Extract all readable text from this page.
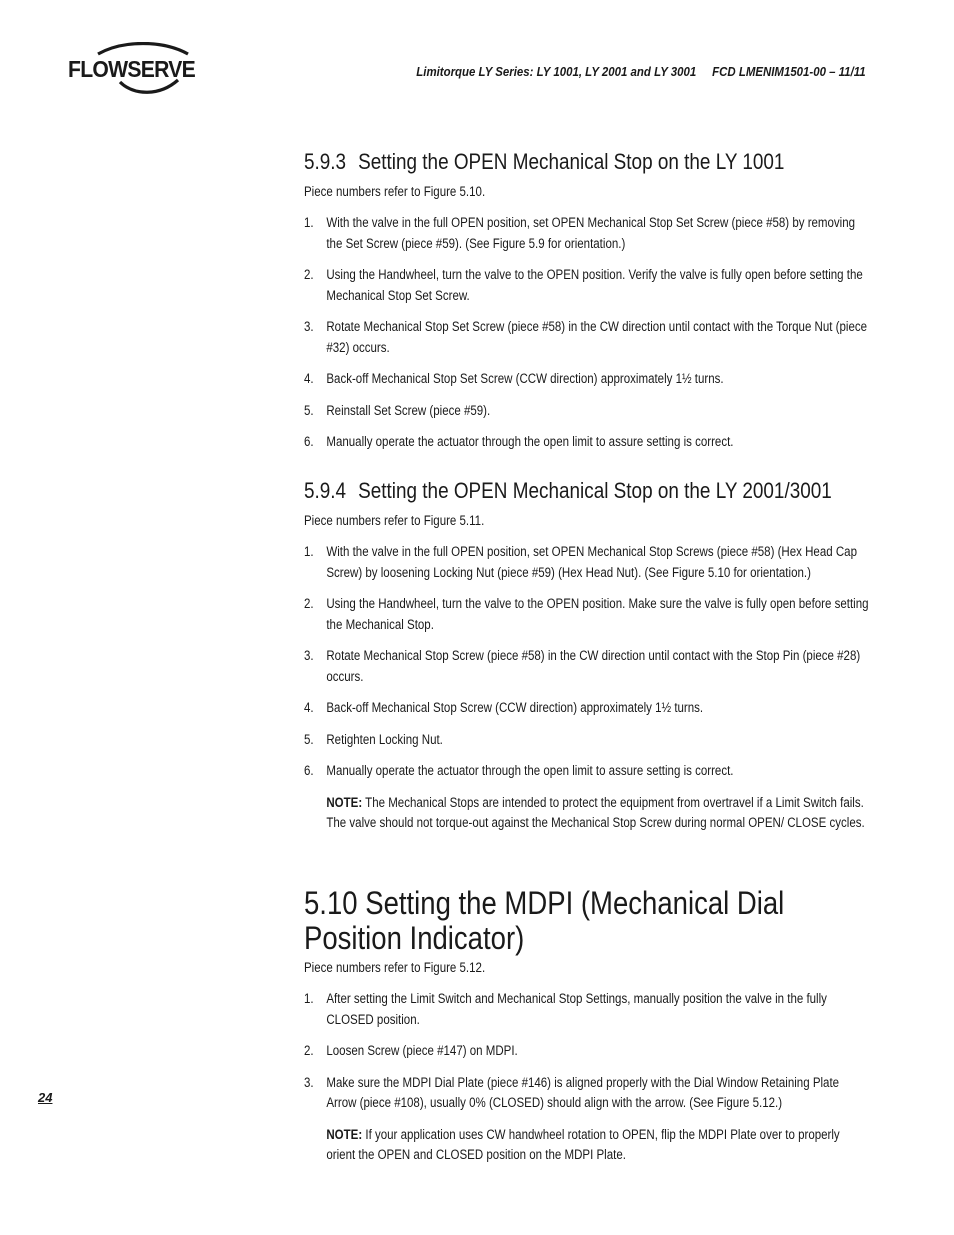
FLOWSERVE	Limitorque LY Series: LY 1001, LY 2001 and LY 3001     FCD LMENIM1501-00 – 11/11
24
5.9.3 Setting the OPEN Mechanical Stop on the LY 1001

Piece numbers refer to Figure 5.10.

1. With the valve in the full OPEN position, set OPEN Mechanical Stop Set Screw (piece #58) by removing the Set Screw (piece #59). (See Figure 5.9 for orientation.)
2. Using the Handwheel, turn the valve to the OPEN position. Verify the valve is fully open before setting the Mechanical Stop Set Screw.
3. Rotate Mechanical Stop Set Screw (piece #58) in the CW direction until contact with the Torque Nut (piece #32) occurs.
4. Back-off Mechanical Stop Set Screw (CCW direction) approximately 1½ turns.
5. Reinstall Set Screw (piece #59).
6. Manually operate the actuator through the open limit to assure setting is correct.
5.9.4 Setting the OPEN Mechanical Stop on the LY 2001/3001

Piece numbers refer to Figure 5.11.

1. With the valve in the full OPEN position, set OPEN Mechanical Stop Screws (piece #58) (Hex Head Cap Screw) by loosening Locking Nut (piece #59) (Hex Head Nut). (See Figure 5.10 for orientation.)
2. Using the Handwheel, turn the valve to the OPEN position. Make sure the valve is fully open before setting the Mechanical Stop.
3. Rotate Mechanical Stop Screw (piece #58) in the CW direction until contact with the Stop Pin (piece #28) occurs.
4. Back-off Mechanical Stop Screw (CCW direction) approximately 1½ turns.
5. Retighten Locking Nut.
6. Manually operate the actuator through the open limit to assure setting is correct.

NOTE: The Mechanical Stops are intended to protect the equipment from overtravel if a Limit Switch fails. The valve should not torque-out against the Mechanical Stop Screw during normal OPEN/ CLOSE cycles.

5.10 Setting the MDPI (Mechanical Dial Position Indicator)

Piece numbers refer to Figure 5.12.

1. After setting the Limit Switch and Mechanical Stop Settings, manually position the valve in the fully CLOSED position.
2. Loosen Screw (piece #147) on MDPI.
3. Make sure the MDPI Dial Plate (piece #146) is aligned properly with the Dial Window Retaining Plate Arrow (piece #108), usually 0% (CLOSED) should align with the arrow. (See Figure 5.12.)

NOTE: If your application uses CW handwheel rotation to OPEN, flip the MDPI Plate over to properly orient the OPEN and CLOSED position on the MDPI Plate.
